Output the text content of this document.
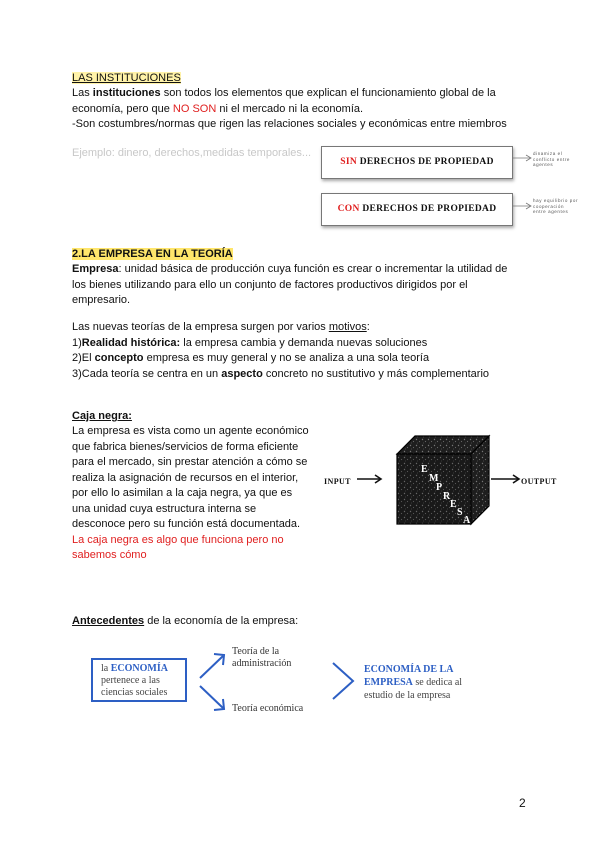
LAS INSTITUCIONES
Las instituciones son todos los elementos que explican el funcionamiento global de la
economía, pero que NO SON ni el mercado ni la economía.
-Son costumbres/normas que rigen las relaciones sociales y económicas entre miembros
Ejemplo: dinero, derechos,medidas temporales...
SIN DERECHOS DE PROPIEDAD
CON DERECHOS DE PROPIEDAD
dinamiza el conflicto entre agentes
hay equilibrio por cooperación entre agentes
2.LA EMPRESA EN LA TEORÍA
Empresa: unidad básica de producción cuya función es crear o incrementar la utilidad de
los bienes utilizando para ello un conjunto de factores productivos dirigidos por el
empresario.
Las nuevas teorías de la empresa surgen por varios motivos:
1)Realidad histórica: la empresa cambia y demanda nuevas soluciones
2)El concepto empresa es muy general y no se analiza a una sola teoría
3)Cada teoría se centra en un aspecto concreto no sustitutivo y más complementario
Caja negra:
La empresa es vista como un agente económico
que fabrica bienes/servicios de forma eficiente
para el mercado, sin prestar atención a cómo se
realiza la asignación de recursos en el interior,
por ello lo asimilan a la caja negra, ya que es
una unidad cuya estructura interna se
desconoce pero su función está documentada.
La caja negra es algo que funciona pero no
sabemos cómo
INPUT
E
M
P
R
E
S
A
OUTPUT
Antecedentes de la economía de la empresa:
la ECONOMÍA
pertenece a las
ciencias sociales
Teoría de la
administración
Teoría económica
ECONOMÍA DE LA
EMPRESA se dedica al
estudio de la empresa
2
